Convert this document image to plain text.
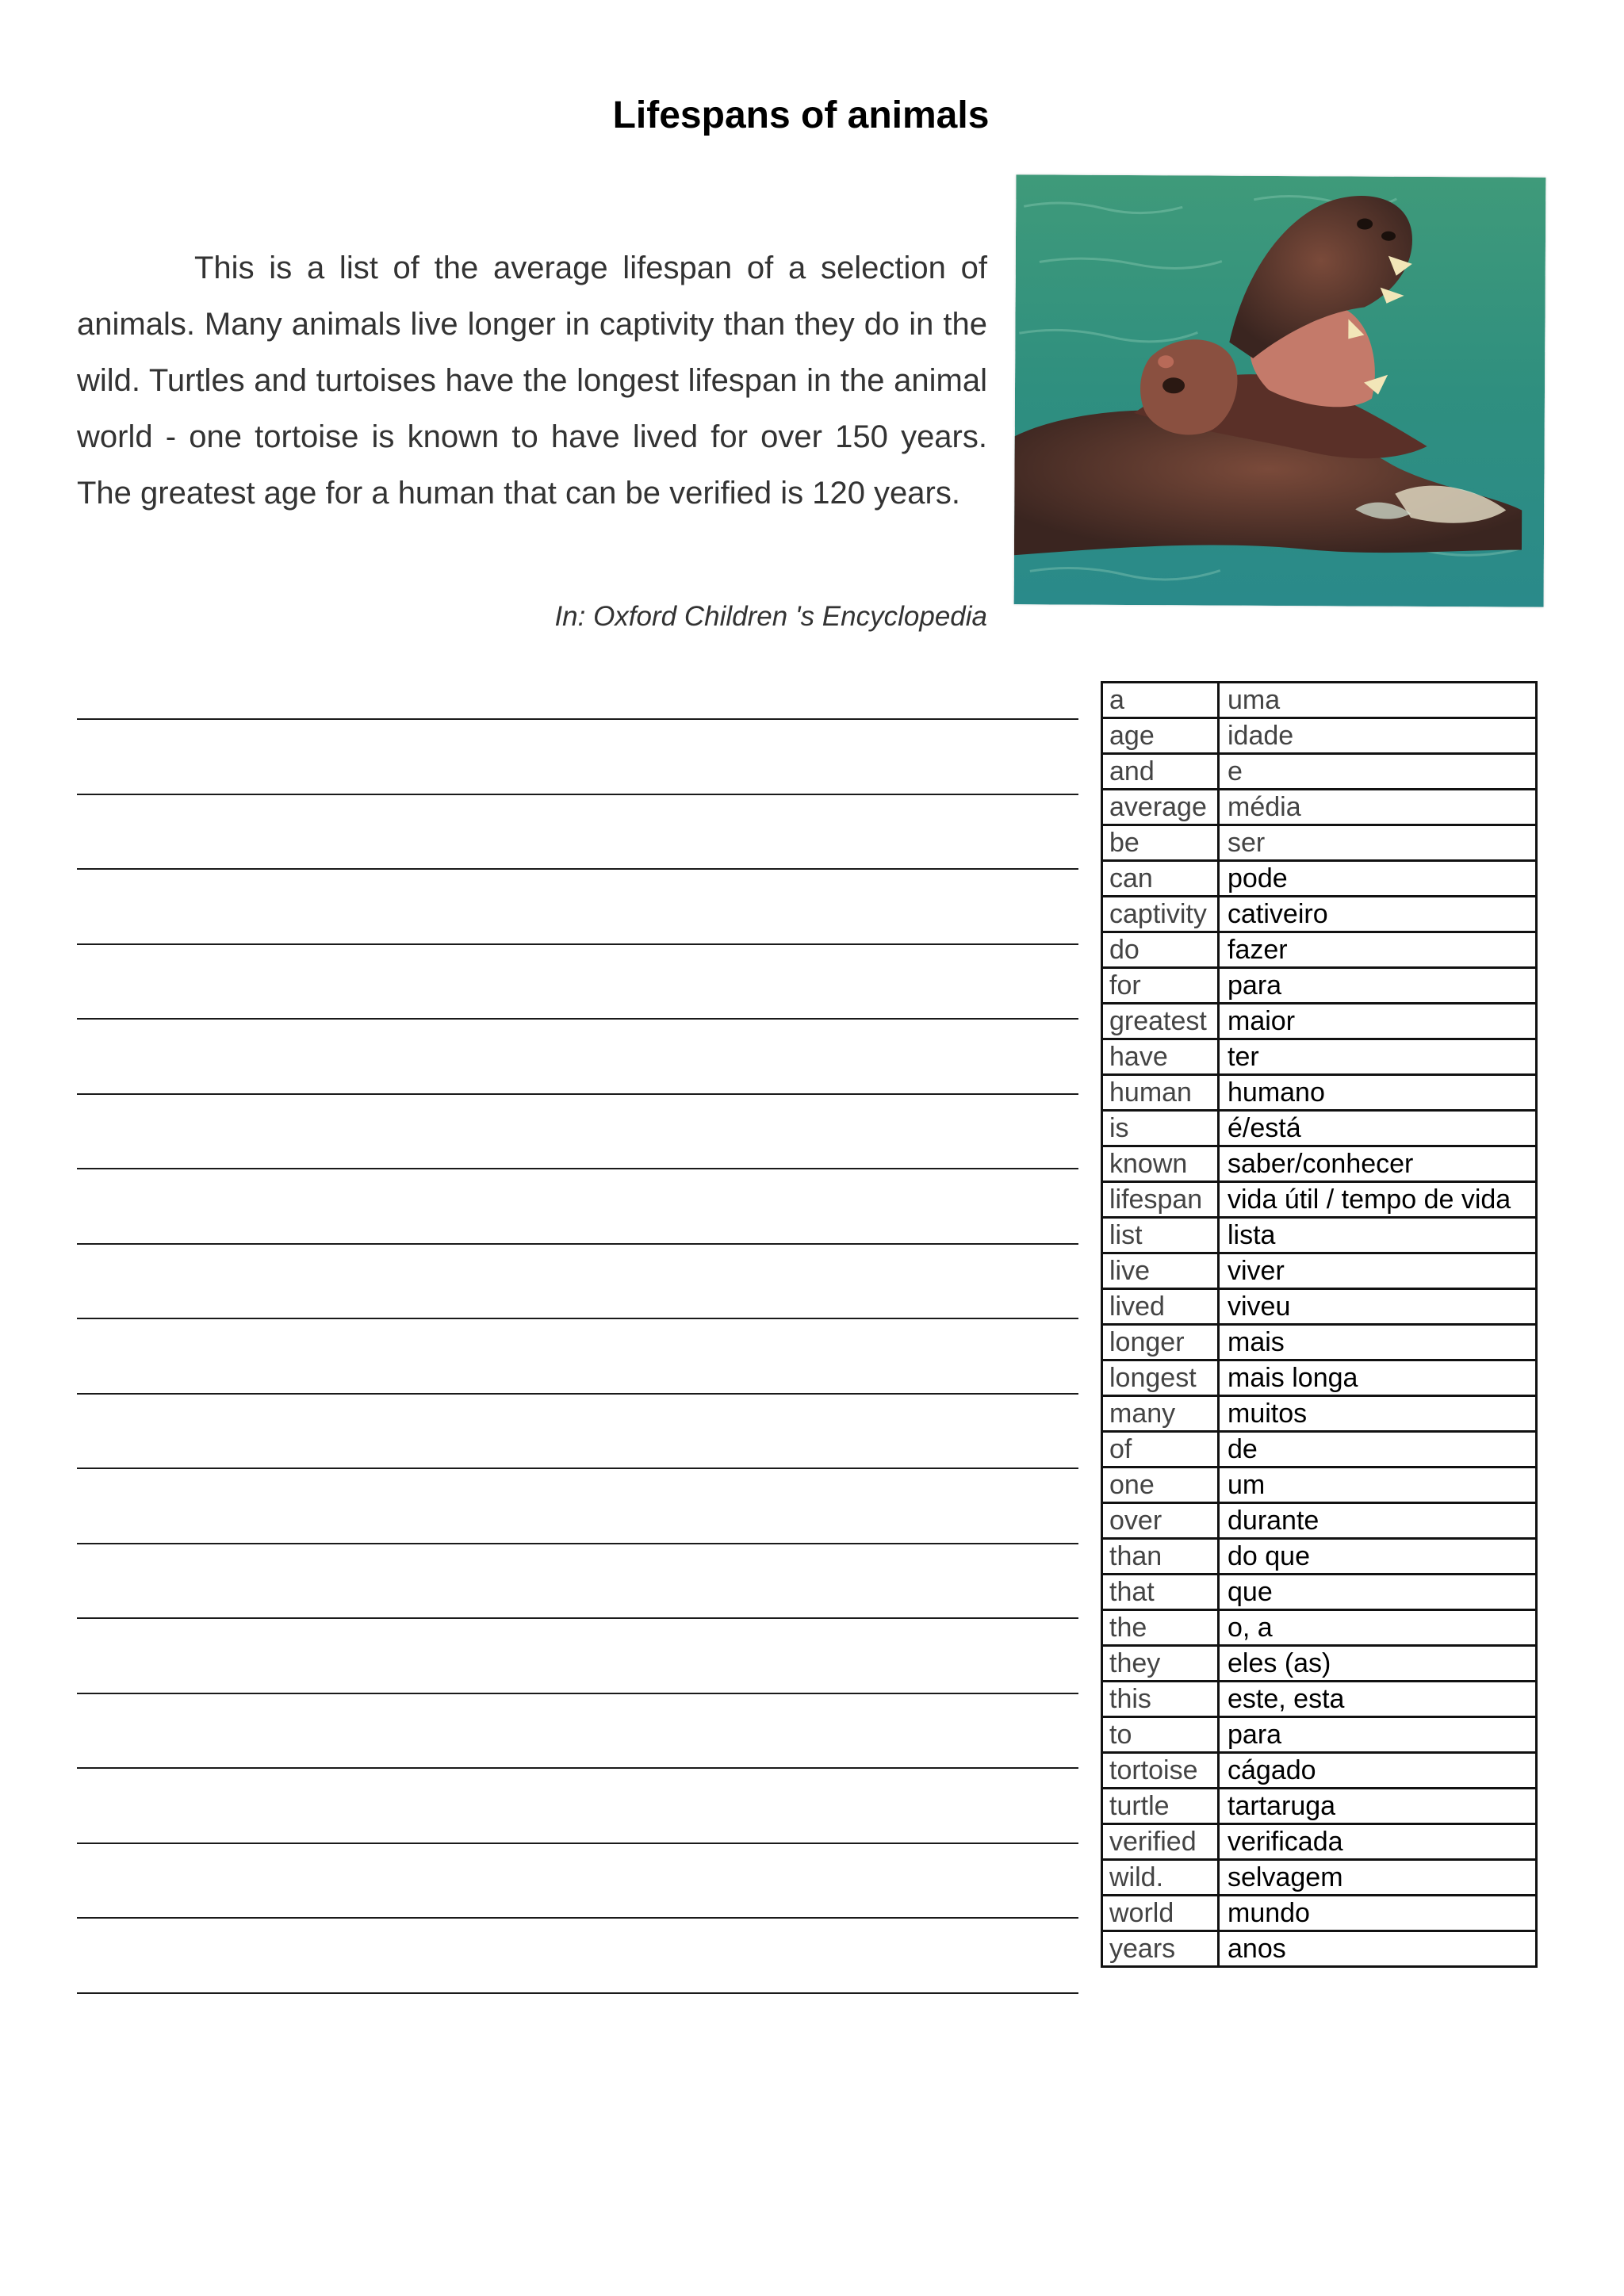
Lifespans of animals

This is a list of the average lifespan of a selection of animals. Many animals live longer in captivity than they do in the wild. Turtles and turtoises have the longest lifespan in the animal world - one tortoise is known to have lived for over 150 years. The greatest age for a human that can be verified is 120 years.

In: Oxford Children 's Encyclopedia
a	uma
age	idade
and	e
average	média
be	ser
can	pode
captivity	cativeiro
do	fazer
for	para
greatest	maior
have	ter
human	humano
is	é/está
known	saber/conhecer
lifespan	vida útil / tempo de vida
list	lista
live	viver
lived	viveu
longer	mais
longest	mais longa
many	muitos
of	de
one	um
over	durante
than	do que
that	que
the	o, a
they	eles (as)
this	este, esta
to	para
tortoise	cágado
turtle	tartaruga
verified	verificada
wild.	selvagem
world	mundo
years	anos
